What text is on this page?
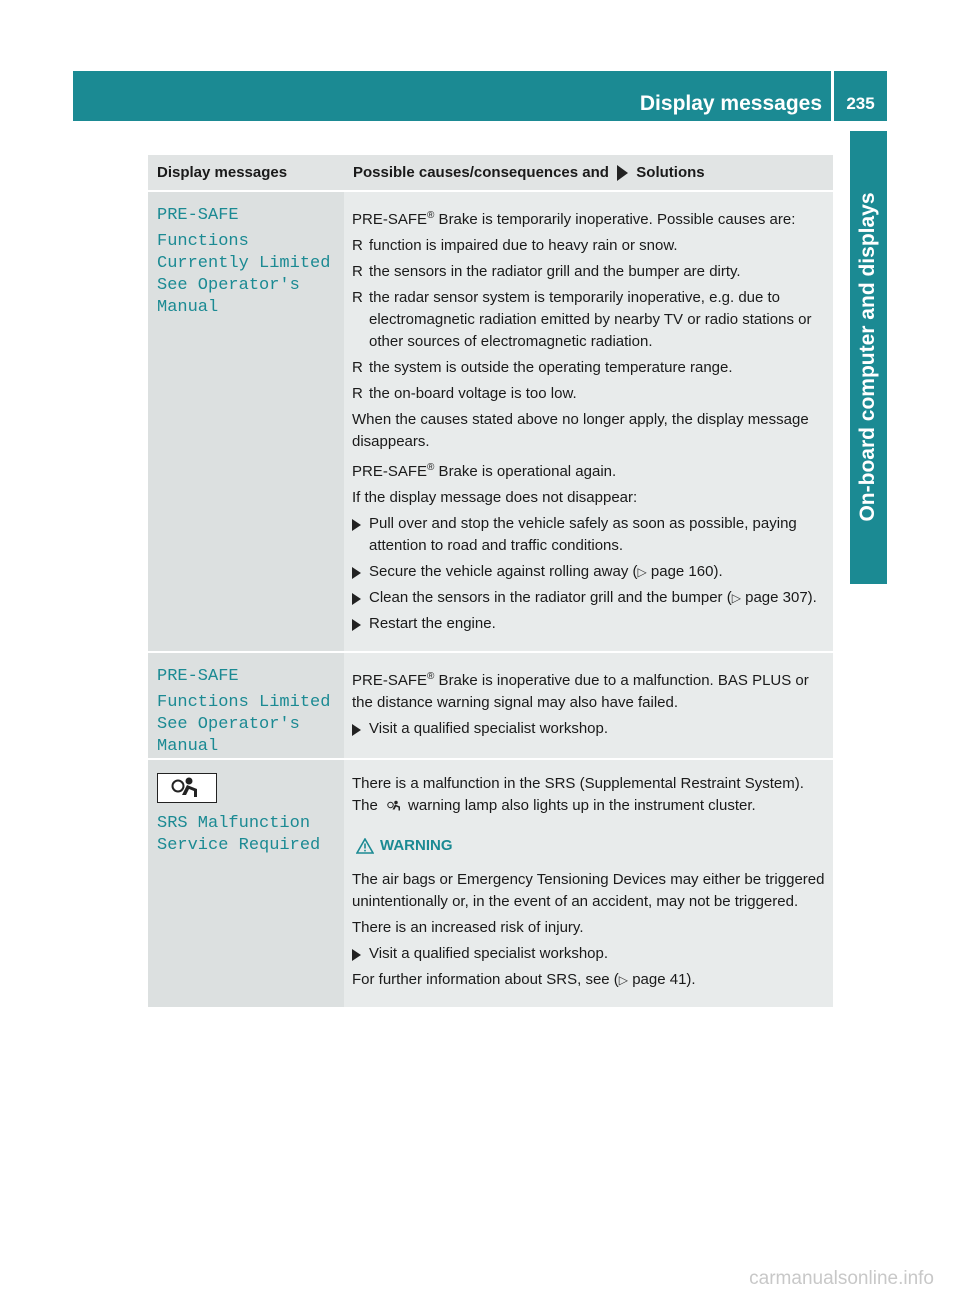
Display messages	235
On-board computer and displays
Display messages	Possible causes/consequences and Solutions
PRE-SAFE
Functions
Currently Limited
See Operator's
Manual

PRE-SAFE® Brake is temporarily inoperative. Possible causes are:

R function is impaired due to heavy rain or snow.
R the sensors in the radiator grill and the bumper are dirty.
R the radar sensor system is temporarily inoperative, e.g. due to electromagnetic radiation emitted by nearby TV or radio stations or other sources of electromagnetic radiation.
R the system is outside the operating temperature range.
R the on-board voltage is too low.

When the causes stated above no longer apply, the display message disappears.

PRE-SAFE® Brake is operational again.

If the display message does not disappear:

Pull over and stop the vehicle safely as soon as possible, paying attention to road and traffic conditions.
Secure the vehicle against rolling away (▷ page 160).
Clean the sensors in the radiator grill and the bumper (▷ page 307).
Restart the engine.
PRE-SAFE
Functions Limited
See Operator's
Manual

PRE-SAFE® Brake is inoperative due to a malfunction. BAS PLUS or the distance warning signal may also have failed.

Visit a qualified specialist workshop.
SRS Malfunction
Service Required

There is a malfunction in the SRS (Supplemental Restraint System). The warning lamp also lights up in the instrument cluster.

WARNING

The air bags or Emergency Tensioning Devices may either be triggered unintentionally or, in the event of an accident, may not be triggered.

There is an increased risk of injury.

Visit a qualified specialist workshop.

For further information about SRS, see (▷ page 41).

carmanualsonline.info
